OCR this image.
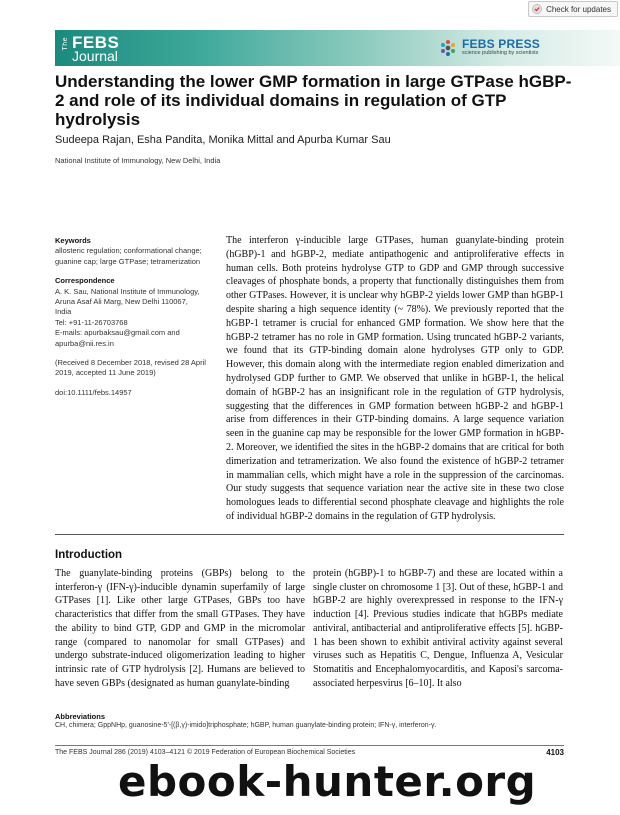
Check for updates
The FEBS
Journal
FEBS PRESS
science publishing by scientists
Understanding the lower GMP formation in large GTPase hGBP-2 and role of its individual domains in regulation of GTP hydrolysis
Sudeepa Rajan, Esha Pandita, Monika Mittal and Apurba Kumar Sau
National Institute of Immunology, New Delhi, India
Keywords
allosteric regulation; conformational change; guanine cap; large GTPase; tetramerization
Correspondence
A. K. Sau, National Institute of Immunology,
Aruna Asaf Ali Marg, New Delhi 110067,
India
Tel: +91-11-26703768
E-mails: apurbaksau@gmail.com and
apurba@nii.res.in
(Received 8 December 2018, revised 28 April 2019, accepted 11 June 2019)
doi:10.1111/febs.14957

The interferon γ-inducible large GTPases, human guanylate-binding protein (hGBP)-1 and hGBP-2, mediate antipathogenic and antiproliferative effects in human cells. Both proteins hydrolyse GTP to GDP and GMP through successive cleavages of phosphate bonds, a property that functionally distinguishes them from other GTPases. However, it is unclear why hGBP-2 yields lower GMP than hGBP-1 despite sharing a high sequence identity (~ 78%). We previously reported that the hGBP-1 tetramer is crucial for enhanced GMP formation. We show here that the hGBP-2 tetramer has no role in GMP formation. Using truncated hGBP-2 variants, we found that its GTP-binding domain alone hydrolyses GTP only to GDP. However, this domain along with the intermediate region enabled dimerization and hydrolysed GDP further to GMP. We observed that unlike in hGBP-1, the helical domain of hGBP-2 has an insignificant role in the regulation of GTP hydrolysis, suggesting that the differences in GMP formation between hGBP-2 and hGBP-1 arise from differences in their GTP-binding domains. A large sequence variation seen in the guanine cap may be responsible for the lower GMP formation in hGBP-2. Moreover, we identified the sites in the hGBP-2 domains that are critical for both dimerization and tetramerization. We also found the existence of hGBP-2 tetramer in mammalian cells, which might have a role in the suppression of the carcinomas. Our study suggests that sequence variation near the active site in these two close homologues leads to differential second phosphate cleavage and highlights the role of individual hGBP-2 domains in the regulation of GTP hydrolysis.

Introduction

The guanylate-binding proteins (GBPs) belong to the interferon-γ (IFN-γ)-inducible dynamin superfamily of large GTPases [1]. Like other large GTPases, GBPs too have characteristics that differ from the small GTPases. They have the ability to bind GTP, GDP and GMP in the micromolar range (compared to nanomolar for small GTPases) and undergo substrate-induced oligomerization leading to higher intrinsic rate of GTP hydrolysis [2]. Humans are believed to have seven GBPs (designated as human guanylate-binding

protein (hGBP)-1 to hGBP-7) and these are located within a single cluster on chromosome 1 [3]. Out of these, hGBP-1 and hGBP-2 are highly overexpressed in response to the IFN-γ induction [4]. Previous studies indicate that hGBPs mediate antiviral, antibacterial and antiproliferative effects [5]. hGBP-1 has been shown to exhibit antiviral activity against several viruses such as Hepatitis C, Dengue, Influenza A, Vesicular Stomatitis and Encephalomyocarditis, and Kaposi's sarcoma-associated herpesvirus [6–10]. It also

Abbreviations
CH, chimera; GppNHp, guanosine-5′-[(β,γ)-imido]triphosphate; hGBP, human guanylate-binding protein; IFN-γ, interferon-γ.
The FEBS Journal 286 (2019) 4103–4121 © 2019 Federation of European Biochemical Societies	4103
ebook-hunter.org
